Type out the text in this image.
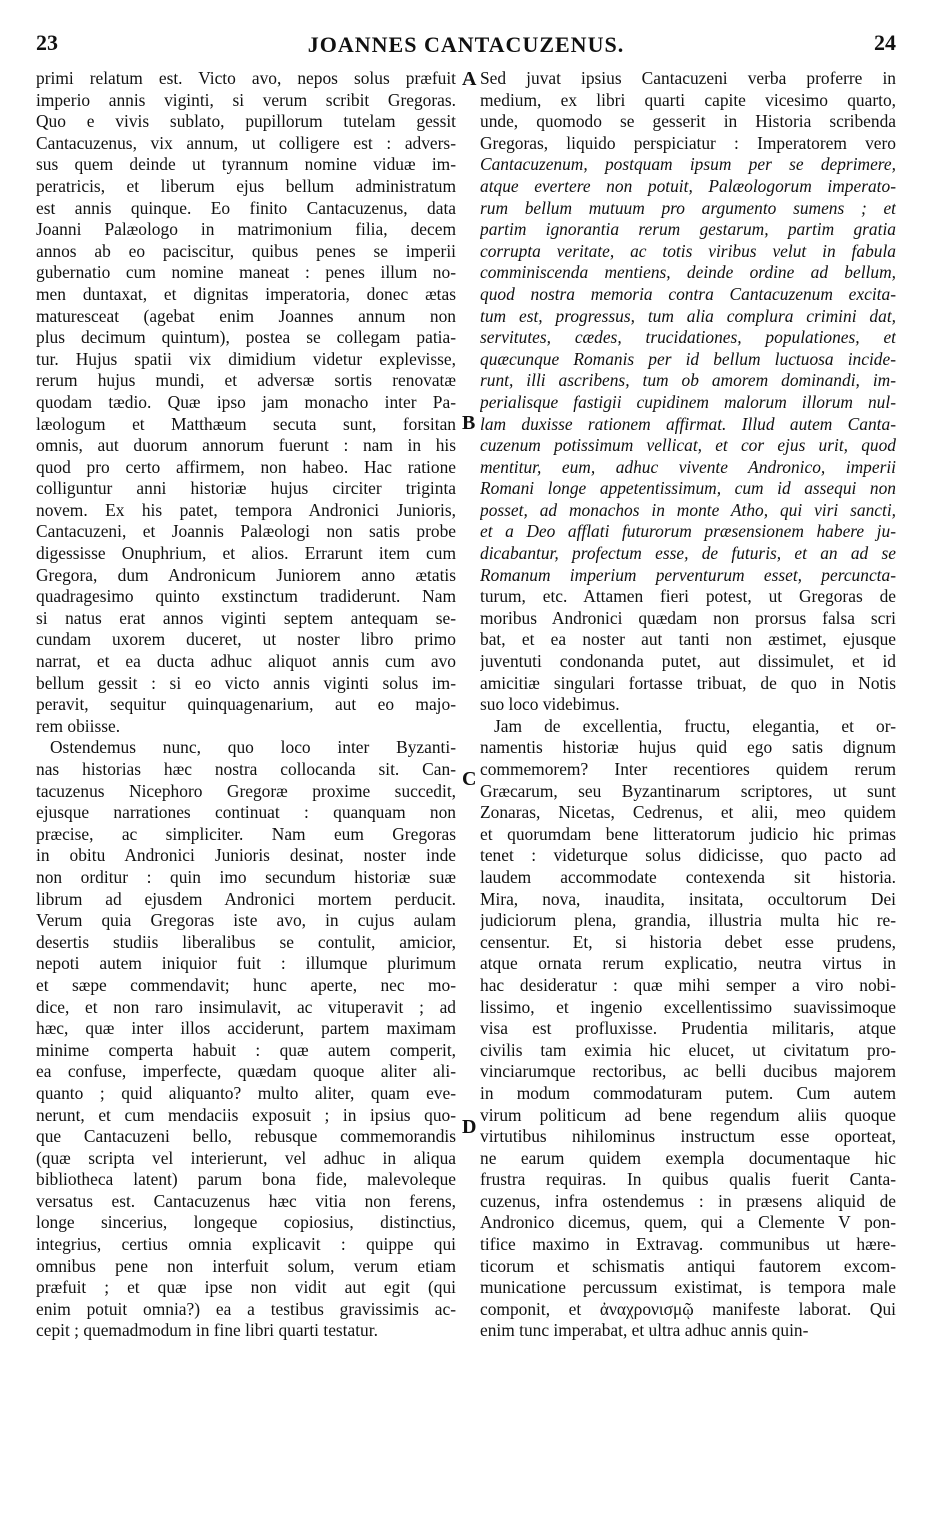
23	JOANNES CANTACUZENUS.	24
A
B
C
D
primi relatum est. Victo avo, nepos solus præfuit
imperio annis viginti, si verum scribit Gregoras.
Quo e vivis sublato, pupillorum tutelam gessit
Cantacuzenus, vix annum, ut colligere est : advers-
sus quem deinde ut tyrannum nomine viduæ im-
peratricis, et liberum ejus bellum administratum
est annis quinque. Eo finito Cantacuzenus, data
Joanni Palæologo in matrimonium filia, decem
annos ab eo paciscitur, quibus penes se imperii
gubernatio cum nomine maneat : penes illum no-
men duntaxat, et dignitas imperatoria, donec ætas
maturesceat (agebat enim Joannes annum non
plus decimum quintum), postea se collegam patia-
tur. Hujus spatii vix dimidium videtur explevisse,
rerum hujus mundi, et adversæ sortis renovatæ
quodam tædio. Quæ ipso jam monacho inter Pa-
læologum et Matthæum secuta sunt, forsitan
omnis, aut duorum annorum fuerunt : nam in his
quod pro certo affirmem, non habeo. Hac ratione
colliguntur anni historiæ hujus circiter triginta
novem. Ex his patet, tempora Andronici Junioris,
Cantacuzeni, et Joannis Palæologi non satis probe
digessisse Onuphrium, et alios. Errarunt item cum
Gregora, dum Andronicum Juniorem anno ætatis
quadragesimo quinto exstinctum tradiderunt. Nam
si natus erat annos viginti septem antequam se-
cundam uxorem duceret, ut noster libro primo
narrat, et ea ducta adhuc aliquot annis cum avo
bellum gessit : si eo victo annis viginti solus im-
peravit, sequitur quinquagenarium, aut eo majo-
rem obiisse.
Ostendemus nunc, quo loco inter Byzanti-
nas historias hæc nostra collocanda sit. Can-
tacuzenus Nicephoro Gregoræ proxime succedit,
ejusque narrationes continuat : quanquam non
præcise, ac simpliciter. Nam eum Gregoras
in obitu Andronici Junioris desinat, noster inde
non orditur : quin imo secundum historiæ suæ
librum ad ejusdem Andronici mortem perducit.
Verum quia Gregoras iste avo, in cujus aulam
desertis studiis liberalibus se contulit, amicior,
nepoti autem iniquior fuit : illumque plurimum
et sæpe commendavit; hunc aperte, nec mo-
dice, et non raro insimulavit, ac vituperavit ; ad
hæc, quæ inter illos acciderunt, partem maximam
minime comperta habuit : quæ autem comperit,
ea confuse, imperfecte, quædam quoque aliter ali-
quanto ; quid aliquanto? multo aliter, quam eve-
nerunt, et cum mendaciis exposuit ; in ipsius quo-
que Cantacuzeni bello, rebusque commemorandis
(quæ scripta vel interierunt, vel adhuc in aliqua
bibliotheca latent) parum bona fide, malevoleque
versatus est. Cantacuzenus hæc vitia non ferens,
longe sincerius, longeque copiosius, distinctius,
integrius, certius omnia explicavit : quippe qui
omnibus pene non interfuit solum, verum etiam
præfuit ; et quæ ipse non vidit aut egit (qui
enim potuit omnia?) ea a testibus gravissimis ac-
cepit ; quemadmodum in fine libri quarti testatur.
Sed juvat ipsius Cantacuzeni verba proferre in
medium, ex libri quarti capite vicesimo quarto,
unde, quomodo se gesserit in Historia scribenda
Gregoras, liquido perspiciatur : Imperatorem vero
Cantacuzenum, postquam ipsum per se deprimere,
atque evertere non potuit, Palæologorum imperato-
rum bellum mutuum pro argumento sumens ; et
partim ignorantia rerum gestarum, partim gratia
corrupta veritate, ac totis viribus velut in fabula
comminiscenda mentiens, deinde ordine ad bellum,
quod nostra memoria contra Cantacuzenum excita-
tum est, progressus, tum alia complura crimini dat,
servitutes, cædes, trucidationes, populationes, et
quæcunque Romanis per id bellum luctuosa incide-
runt, illi ascribens, tum ob amorem dominandi, im-
perialisque fastigii cupidinem malorum illorum nul-
lam duxisse rationem affirmat. Illud autem Canta-
cuzenum potissimum vellicat, et cor ejus urit, quod
mentitur, eum, adhuc vivente Andronico, imperii
Romani longe appetentissimum, cum id assequi non
posset, ad monachos in monte Atho, qui viri sancti,
et a Deo afflati futurorum præsensionem habere ju-
dicabantur, profectum esse, de futuris, et an ad se
Romanum imperium perventurum esset, percuncta-
turum, etc. Attamen fieri potest, ut Gregoras de
moribus Andronici quædam non prorsus falsa scri
bat, et ea noster aut tanti non æstimet, ejusque
juventuti condonanda putet, aut dissimulet, et id
amicitiæ singulari fortasse tribuat, de quo in Notis
suo loco videbimus.
Jam de excellentia, fructu, elegantia, et or-
namentis historiæ hujus quid ego satis dignum
commemorem? Inter recentiores quidem rerum
Græcarum, seu Byzantinarum scriptores, ut sunt
Zonaras, Nicetas, Cedrenus, et alii, meo quidem
et quorumdam bene litteratorum judicio hic primas
tenet : videturque solus didicisse, quo pacto ad
laudem accommodate contexenda sit historia.
Mira, nova, inaudita, insitata, occultorum Dei
judiciorum plena, grandia, illustria multa hic re-
censentur. Et, si historia debet esse prudens,
atque ornata rerum explicatio, neutra virtus in
hac desideratur : quæ mihi semper a viro nobi-
lissimo, et ingenio excellentissimo suavissimoque
visa est profluxisse. Prudentia militaris, atque
civilis tam eximia hic elucet, ut civitatum pro-
vinciarumque rectoribus, ac belli ducibus majorem
in modum commodaturam putem. Cum autem
virum politicum ad bene regendum aliis quoque
virtutibus nihilominus instructum esse oporteat,
ne earum quidem exempla documentaque hic
frustra requiras. In quibus qualis fuerit Canta-
cuzenus, infra ostendemus : in præsens aliquid de
Andronico dicemus, quem, qui a Clemente V pon-
tifice maximo in Extravag. communibus ut hære-
ticorum et schismatis antiqui fautorem excom-
municatione percussum existimat, is tempora male
componit, et ἀναχρονισμῷ manifeste laborat. Qui
enim tunc imperabat, et ultra adhuc annis quin-
